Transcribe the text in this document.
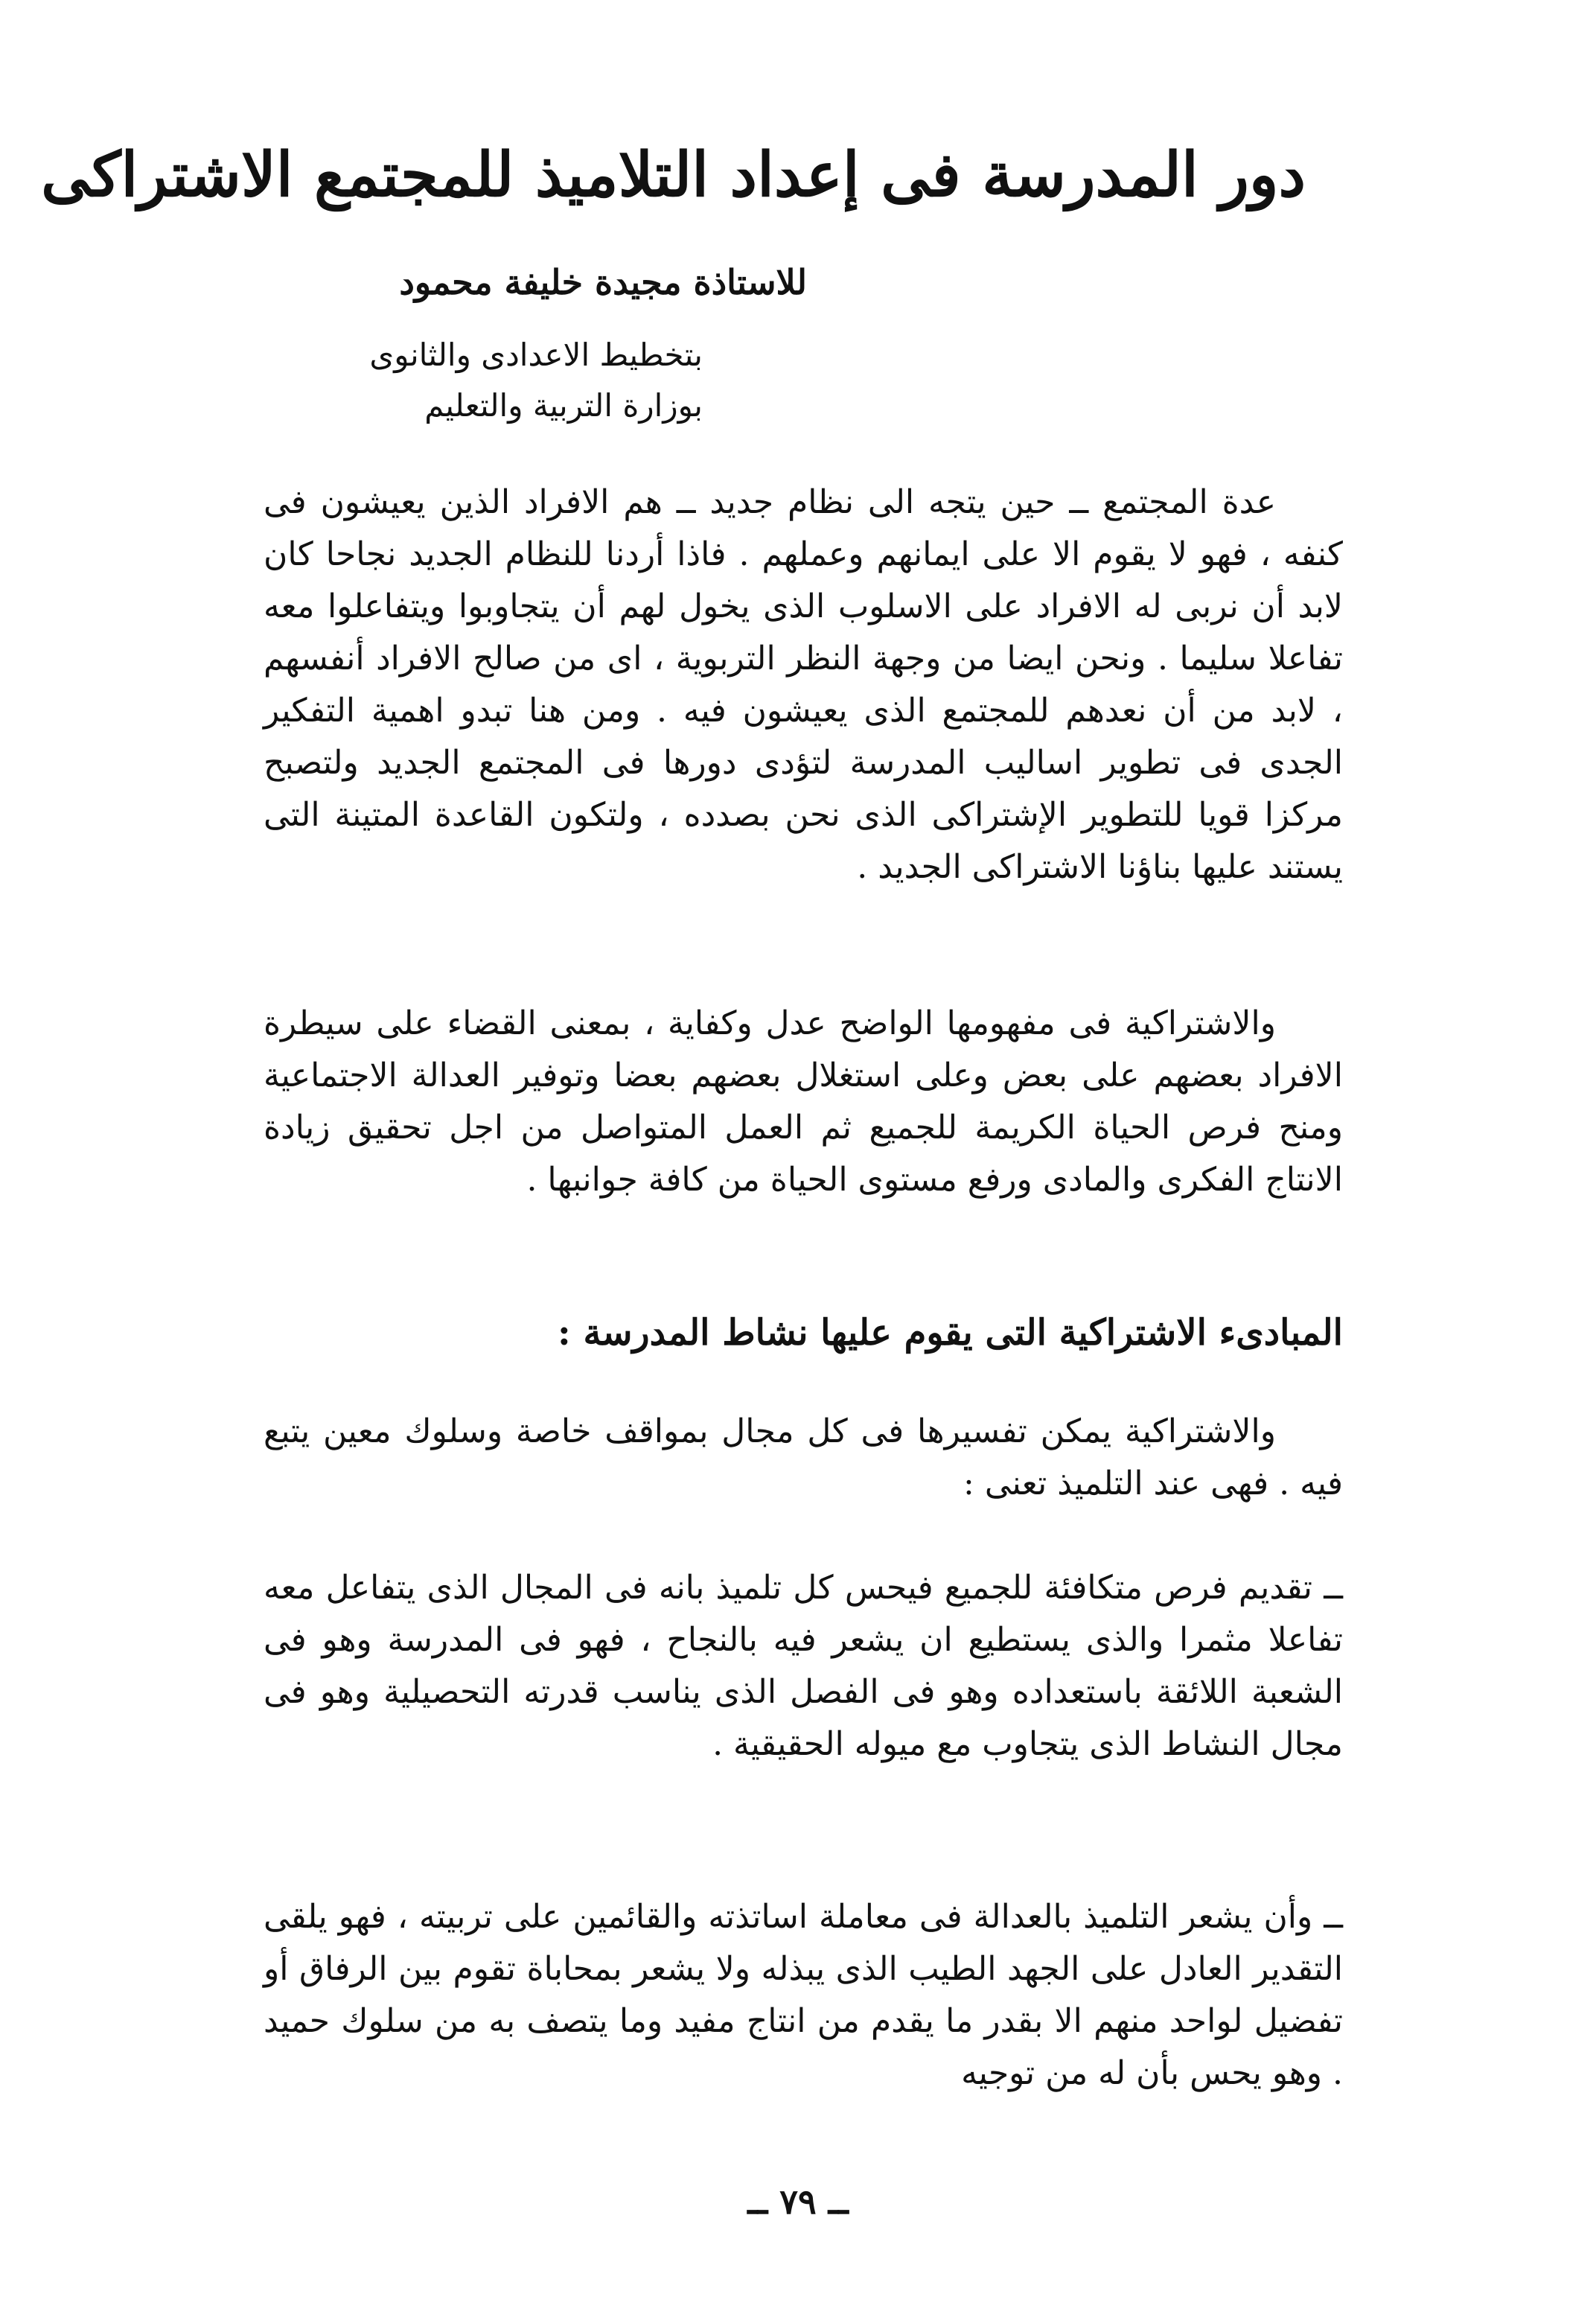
دور المدرسة فى إعداد التلاميذ للمجتمع الاشتراكى
للاستاذة مجيدة خليفة محمود
بتخطيط الاعدادى والثانوى
بوزارة التربية والتعليم

عدة المجتمع ــ حين يتجه الى نظام جديد ــ هم الافراد الذين يعيشون فى كنفه ، فهو لا يقوم الا على ايمانهم وعملهم . فاذا أردنا للنظام الجديد نجاحا كان لابد أن نربى له الافراد على الاسلوب الذى يخول لهم أن يتجاوبوا ويتفاعلوا معه تفاعلا سليما . ونحن ايضا من وجهة النظر التربوية ، اى من صالح الافراد أنفسهم ، لابد من أن نعدهم للمجتمع الذى يعيشون فيه . ومن هنا تبدو اهمية التفكير الجدى فى تطوير اساليب المدرسة لتؤدى دورها فى المجتمع الجديد ولتصبح مركزا قويا للتطوير الإشتراكى الذى نحن بصدده ، ولتكون القاعدة المتينة التى يستند عليها بناؤنا الاشتراكى الجديد .

والاشتراكية فى مفهومها الواضح عدل وكفاية ، بمعنى القضاء على سيطرة الافراد بعضهم على بعض وعلى استغلال بعضهم بعضا وتوفير العدالة الاجتماعية ومنح فرص الحياة الكريمة للجميع ثم العمل المتواصل من اجل تحقيق زيادة الانتاج الفكرى والمادى ورفع مستوى الحياة من كافة جوانبها .

المبادىء الاشتراكية التى يقوم عليها نشاط المدرسة :

والاشتراكية يمكن تفسيرها فى كل مجال بمواقف خاصة وسلوك معين يتبع فيه . فهى عند التلميذ تعنى :

ــ تقديم فرص متكافئة للجميع فيحس كل تلميذ بانه فى المجال الذى يتفاعل معه تفاعلا مثمرا والذى يستطيع ان يشعر فيه بالنجاح ، فهو فى المدرسة وهو فى الشعبة اللائقة باستعداده وهو فى الفصل الذى يناسب قدرته التحصيلية وهو فى مجال النشاط الذى يتجاوب مع ميوله الحقيقية .

ــ وأن يشعر التلميذ بالعدالة فى معاملة اساتذته والقائمين على تربيته ، فهو يلقى التقدير العادل على الجهد الطيب الذى يبذله ولا يشعر بمحاباة تقوم بين الرفاق أو تفضيل لواحد منهم الا بقدر ما يقدم من انتاج مفيد وما يتصف به من سلوك حميد . وهو يحس بأن له من توجيه

ــ ٧٩ ــ
